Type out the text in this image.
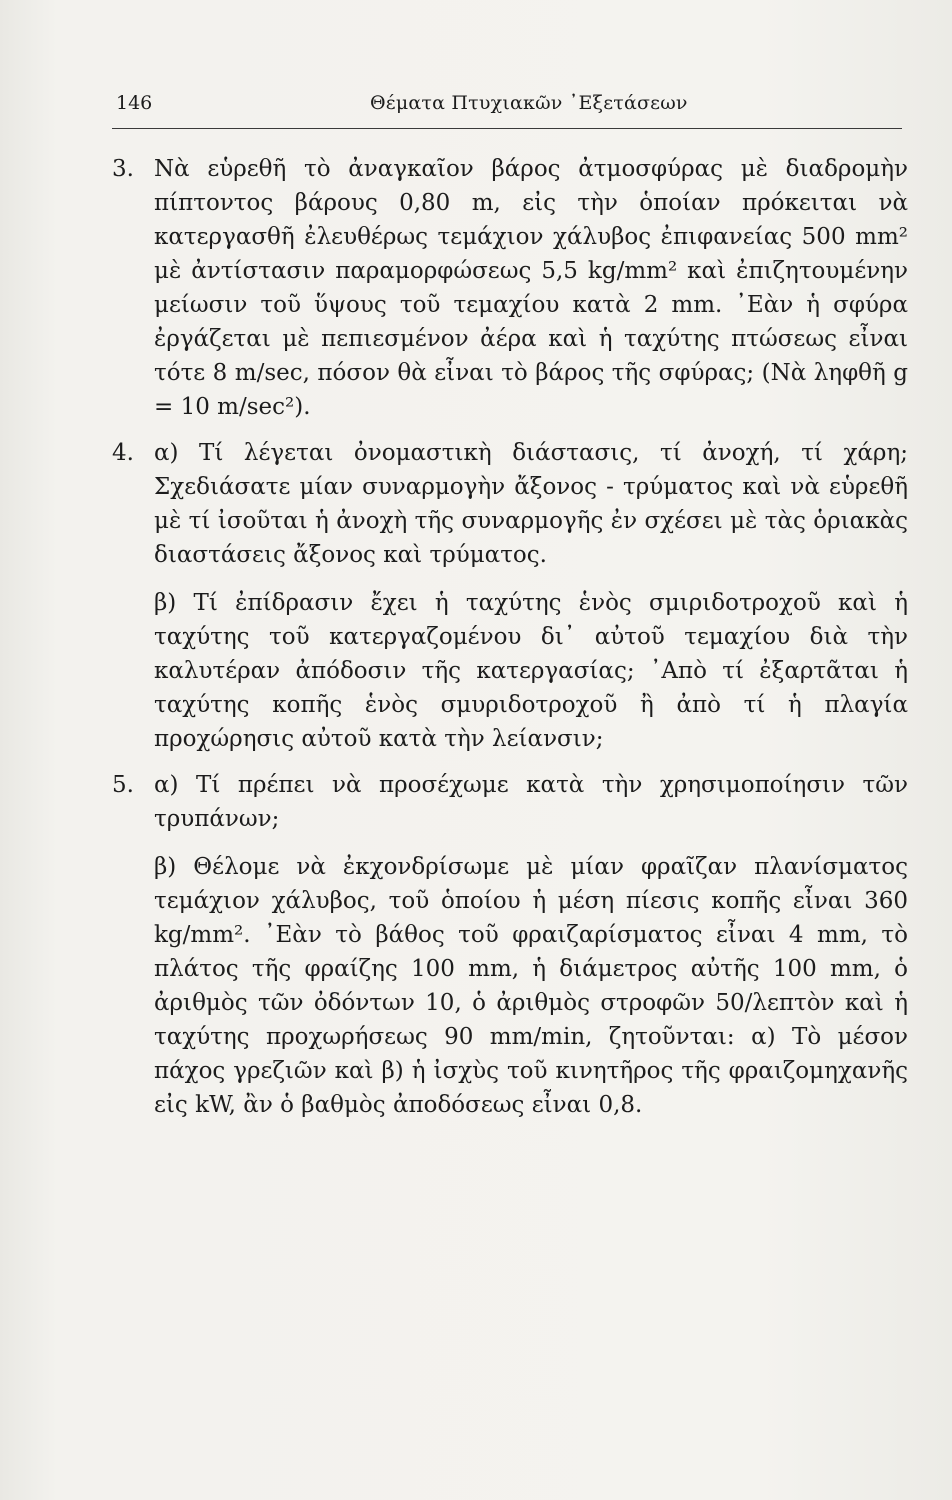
146	Θέματα Πτυχιακῶν ᾿Εξετάσεων
3. Νὰ εὑρεθῆ τὸ ἀναγκαῖον βάρος ἀτμοσφύρας μὲ διαδρομὴν πίπτοντος βάρους 0,80 m, εἰς τὴν ὁποίαν πρόκειται νὰ κατεργασθῆ ἐλευθέρως τεμάχιον χάλυβος ἐπιφανείας 500 mm² μὲ ἀντίστασιν παραμορφώσεως 5,5 kg/mm² καὶ ἐπιζητουμένην μείωσιν τοῦ ὕψους τοῦ τεμαχίου κατὰ 2 mm. ᾿Εὰν ἡ σφύρα ἐργάζεται μὲ πεπιεσμένον ἀέρα καὶ ἡ ταχύτης πτώσεως εἶναι τότε 8 m/sec, πόσον θὰ εἶναι τὸ βάρος τῆς σφύρας; (Νὰ ληφθῆ g = 10 m/sec²).

4. α) Τί λέγεται ὀνομαστικὴ διάστασις, τί ἀνοχή, τί χάρη; Σχεδιάσατε μίαν συναρμογὴν ἄξονος - τρύματος καὶ νὰ εὑρεθῆ μὲ τί ἰσοῦται ἡ ἀνοχὴ τῆς συναρμογῆς ἐν σχέσει μὲ τὰς ὁριακὰς διαστάσεις ἄξονος καὶ τρύματος.

β) Τί ἐπίδρασιν ἔχει ἡ ταχύτης ἑνὸς σμιριδοτροχοῦ καὶ ἡ ταχύτης τοῦ κατεργαζομένου δι᾿ αὐτοῦ τεμαχίου διὰ τὴν καλυτέραν ἀπόδοσιν τῆς κατεργασίας; ᾿Απὸ τί ἐξαρτᾶται ἡ ταχύτης κοπῆς ἑνὸς σμυριδοτροχοῦ ἢ ἀπὸ τί ἡ πλαγία προχώρησις αὐτοῦ κατὰ τὴν λείανσιν;

5. α) Τί πρέπει νὰ προσέχωμε κατὰ τὴν χρησιμοποίησιν τῶν τρυπάνων;

β) Θέλομε νὰ ἐκχονδρίσωμε μὲ μίαν φραῖζαν πλανίσματος τεμάχιον χάλυβος, τοῦ ὁποίου ἡ μέση πίεσις κοπῆς εἶναι 360 kg/mm². ᾿Εὰν τὸ βάθος τοῦ φραιζαρίσματος εἶναι 4 mm, τὸ πλάτος τῆς φραίζης 100 mm, ἡ διάμετρος αὐτῆς 100 mm, ὁ ἀριθμὸς τῶν ὀδόντων 10, ὁ ἀριθμὸς στροφῶν 50/λεπτὸν καὶ ἡ ταχύτης προχωρήσεως 90 mm/min, ζητοῦνται: α) Τὸ μέσον πάχος γρεζιῶν καὶ β) ἡ ἰσχὺς τοῦ κινητῆρος τῆς φραιζομηχανῆς εἰς kW, ἂν ὁ βαθμὸς ἀποδόσεως εἶναι 0,8.
